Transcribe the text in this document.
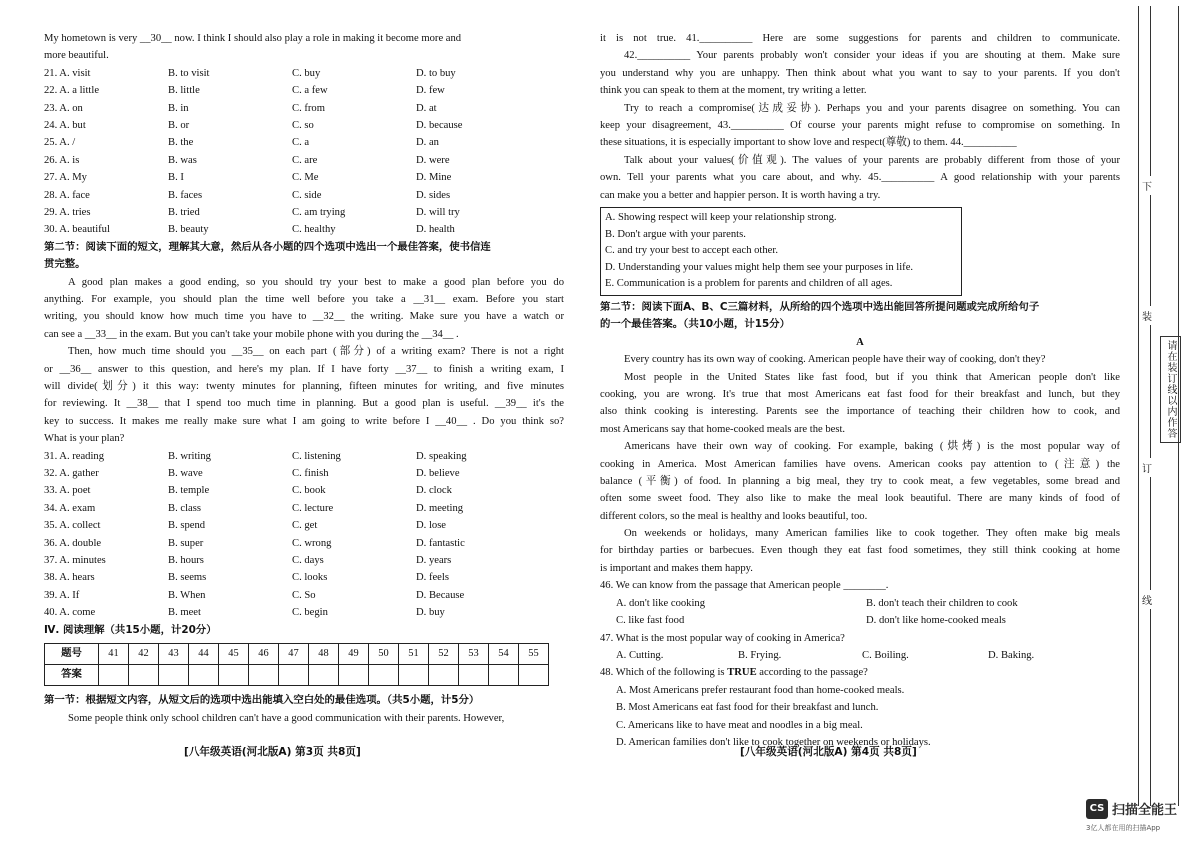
My hometown is very __30__ now. I think I should also play a role in making it become more and
more beautiful.
21. A. visit	B. to visit	C. buy	D. to buy
22. A. a little	B. little	C. a few	D. few
23. A. on	B. in	C. from	D. at
24. A. but	B. or	C. so	D. because
25. A. /	B. the	C. a	D. an
26. A. is	B. was	C. are	D. were
27. A. My	B. I	C. Me	D. Mine
28. A. face	B. faces	C. side	D. sides
29. A. tries	B. tried	C. am trying	D. will try
30. A. beautiful	B. beauty	C. healthy	D. health
第二节：阅读下面的短文，理解其大意，然后从各小题的四个选项中选出一个最佳答案，使书信连
贯完整。
A good plan makes a good ending, so you should try your best to make a good plan before you do
anything. For example, you should plan the time well before you take a __31__ exam. Before you start
writing, you should know how much time you have to __32__ the writing. Make sure you have a watch or
can see a __33__ in the exam. But you can't take your mobile phone with you during the __34__ .
Then, how much time should you __35__ on each part (部分) of a writing exam? There is not a right
or __36__ answer to this question, and here's my plan. If I have forty __37__ to finish a writing exam, I
will divide(划分) it this way: twenty minutes for planning, fifteen minutes for writing, and five minutes
for reviewing. It __38__ that I spend too much time in planning. But a good plan is useful. __39__ it's the
key to success. It makes me really make sure what I am going to write before I __40__ . Do you think so?
What is your plan?
31. A. reading	B. writing	C. listening	D. speaking
32. A. gather	B. wave	C. finish	D. believe
33. A. poet	B. temple	C. book	D. clock
34. A. exam	B. class	C. lecture	D. meeting
35. A. collect	B. spend	C. get	D. lose
36. A. double	B. super	C. wrong	D. fantastic
37. A. minutes	B. hours	C. days	D. years
38. A. hears	B. seems	C. looks	D. feels
39. A. If	B. When	C. So	D. Because
40. A. come	B. meet	C. begin	D. buy
Ⅳ. 阅读理解（共15小题，计20分）
题号	41	42	43	44	45	46	47	48	49	50	51	52	53	54	55
答案															
第一节：根据短文内容，从短文后的选项中选出能填入空白处的最佳选项。（共5小题，计5分）
Some people think only school children can't have a good communication with their parents. However,
it is not true. 41.__________ Here are some suggestions for parents and children to communicate.
42.__________ Your parents probably won't consider your ideas if you are shouting at them. Make sure
you understand why you are unhappy. Then think about what you want to say to your parents. If you don't
think you can speak to them at the moment, try writing a letter.
Try to reach a compromise(达成妥协). Perhaps you and your parents disagree on something. You can
keep your disagreement, 43.__________ Of course your parents might refuse to compromise on something. In
these situations, it is especially important to show love and respect(尊敬) to them. 44.__________
Talk about your values(价值观). The values of your parents are probably different from those of your
own. Tell your parents what you care about, and why. 45.__________ A good relationship with your parents
can make you a better and happier person. It is worth having a try.
A. Showing respect will keep your relationship strong.
B. Don't argue with your parents.
C. and try your best to accept each other.
D. Understanding your values might help them see your purposes in life.
E. Communication is a problem for parents and children of all ages.
第二节：阅读下面A、B、C三篇材料，从所给的四个选项中选出能回答所提问题或完成所给句子
的一个最佳答案。（共10小题，计15分）
A
Every country has its own way of cooking. American people have their way of cooking, don't they?
Most people in the United States like fast food, but if you think that American people don't like
cooking, you are wrong. It's true that most Americans eat fast food for their breakfast and lunch, but they
also think cooking is interesting. Parents see the importance of teaching their children how to cook, and
most Americans say that home-cooked meals are the best.
Americans have their own way of cooking. For example, baking (烘烤) is the most popular way of
cooking in America. Most American families have ovens. American cooks pay attention to (注意) the
balance (平衡) of food. In planning a big meal, they try to cook meat, a few vegetables, some bread and
often some sweet food. They also like to make the meal look beautiful. There are many kinds of food of
different colors, so the meal is healthy and looks beautiful, too.
On weekends or holidays, many American families like to cook together. They often make big meals
for birthday parties or barbecues. Even though they eat fast food sometimes, they still think cooking at home
is important and makes them happy.
46. We can know from the passage that American people ________.
A. don't like cooking	B. don't teach their children to cook
C. like fast food	D. don't like home-cooked meals
47. What is the most popular way of cooking in America?
A. Cutting.	B. Frying.	C. Boiling.	D. Baking.
48. Which of the following is TRUE according to the passage?
A. Most Americans prefer restaurant food than home-cooked meals.
B. Most Americans eat fast food for their breakfast and lunch.
C. Americans like to have meat and noodles in a big meal.
D. American families don't like to cook together on weekends or holidays.
[八年级英语(河北版A) 第3页 共8页]	[八年级英语(河北版A) 第4页 共8页]
下
装
订
线
请在装订线以内作答
CS 扫描全能王
3亿人都在用的扫描App
